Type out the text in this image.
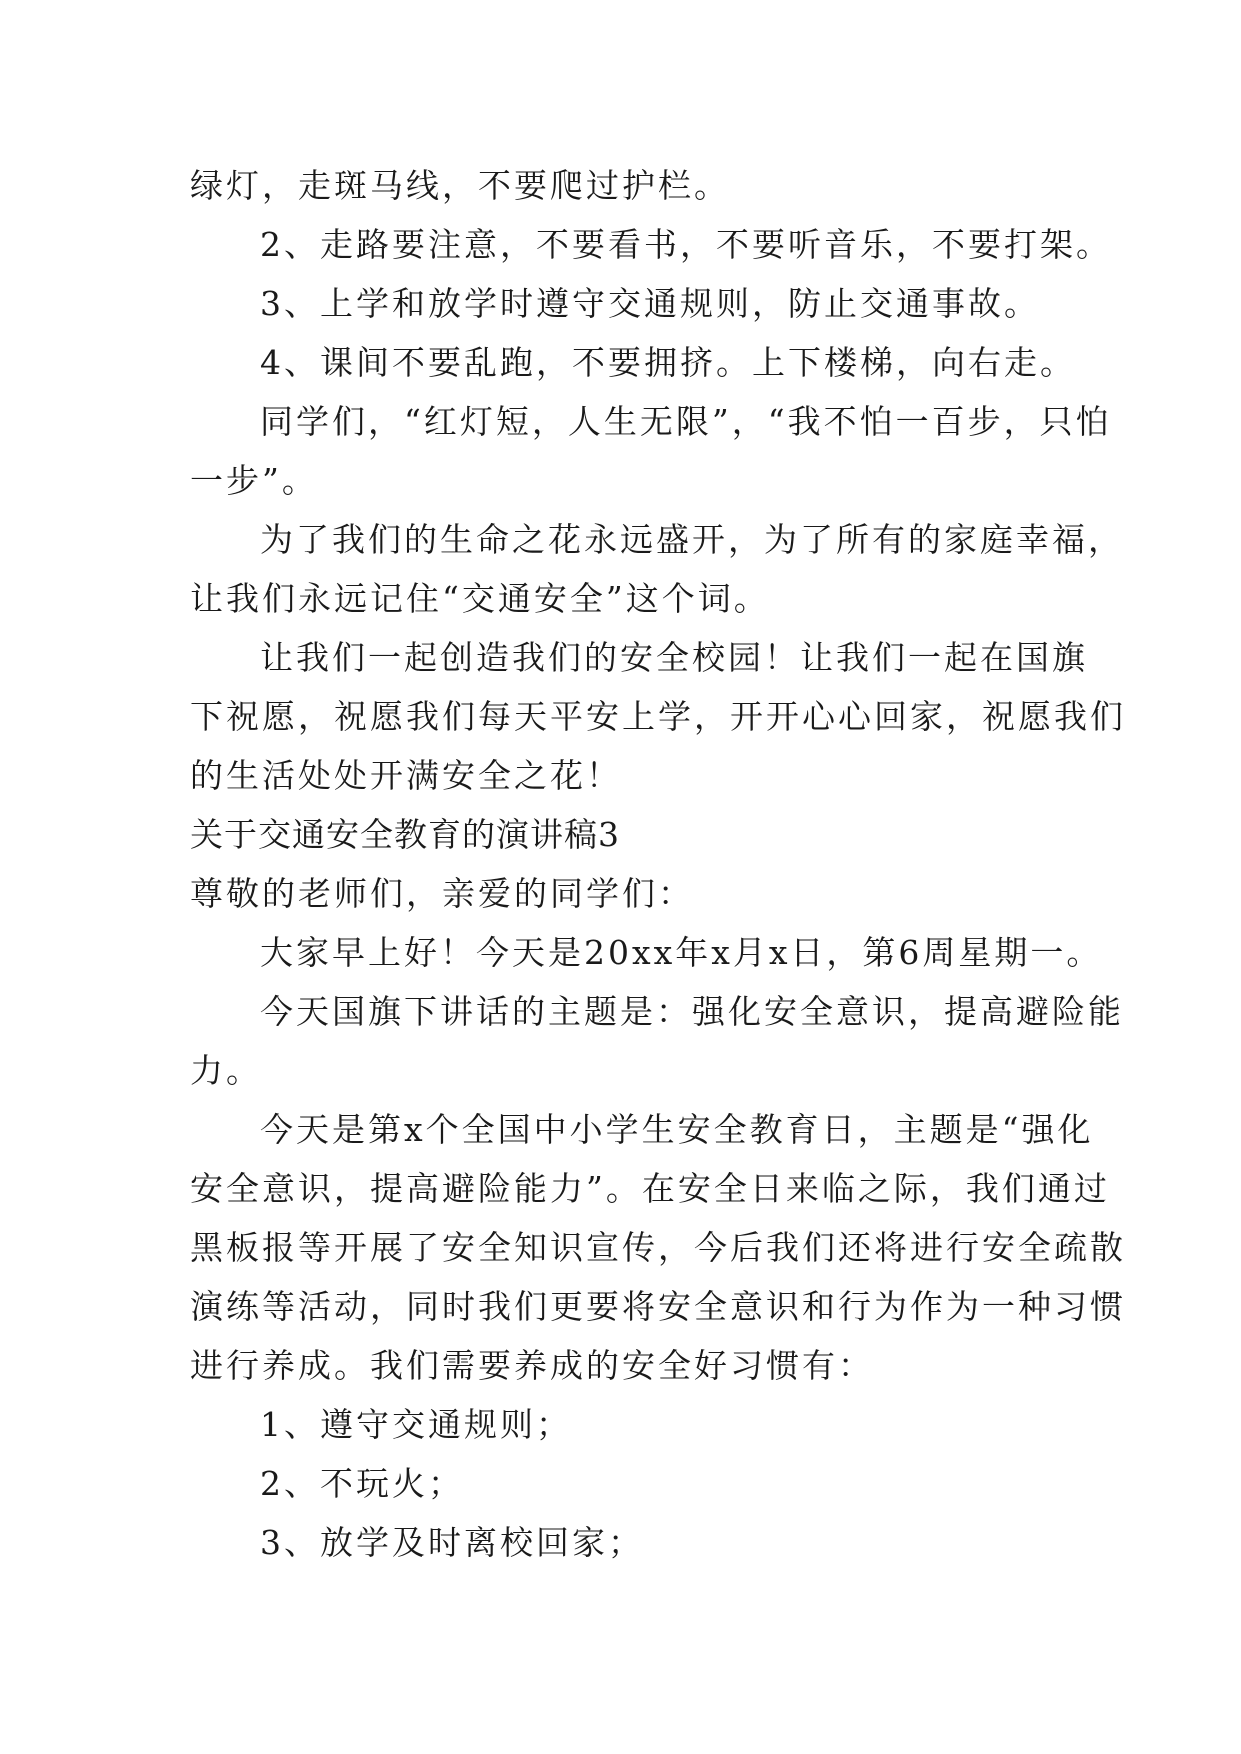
绿灯，走斑马线，不要爬过护栏。

2、走路要注意，不要看书，不要听音乐，不要打架。

3、上学和放学时遵守交通规则，防止交通事故。

4、课间不要乱跑，不要拥挤。上下楼梯，向右走。

同学们，“红灯短，人生无限”，“我不怕一百步，只怕

一步”。

为了我们的生命之花永远盛开，为了所有的家庭幸福，

让我们永远记住“交通安全”这个词。

让我们一起创造我们的安全校园！让我们一起在国旗

下祝愿，祝愿我们每天平安上学，开开心心回家，祝愿我们

的生活处处开满安全之花！

关于交通安全教育的演讲稿3

尊敬的老师们，亲爱的同学们：

大家早上好！今天是20xx年x月x日，第6周星期一。

今天国旗下讲话的主题是：强化安全意识，提高避险能

力。

今天是第x个全国中小学生安全教育日，主题是“强化

安全意识，提高避险能力”。在安全日来临之际，我们通过

黑板报等开展了安全知识宣传，今后我们还将进行安全疏散

演练等活动，同时我们更要将安全意识和行为作为一种习惯

进行养成。我们需要养成的安全好习惯有：

1、遵守交通规则；

2、不玩火；

3、放学及时离校回家；
